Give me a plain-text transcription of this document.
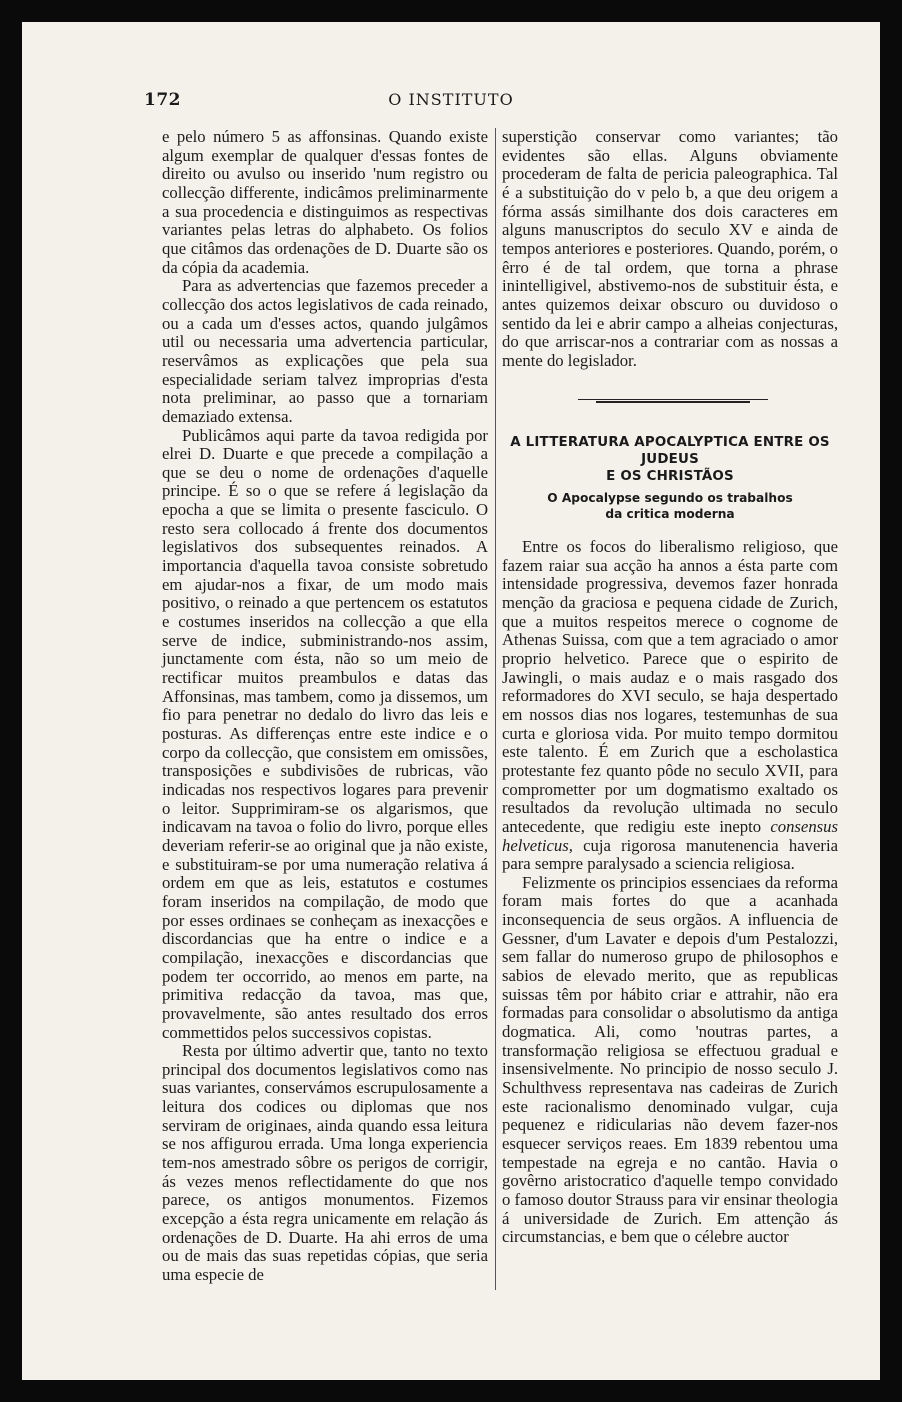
172	O INSTITUTO

e pelo número 5 as affonsinas. Quando existe algum exemplar de qualquer d'essas fontes de direito ou avulso ou inserido 'num registro ou collecção differente, indicâmos preliminarmente a sua procedencia e distinguimos as respectivas variantes pelas letras do alphabeto. Os folios que citâmos das ordenações de D. Duarte são os da cópia da academia.

Para as advertencias que fazemos preceder a collecção dos actos legislativos de cada reinado, ou a cada um d'esses actos, quando julgâmos util ou necessaria uma advertencia particular, reservâmos as explicações que pela sua especialidade seriam talvez improprias d'esta nota preliminar, ao passo que a tornariam demaziado extensa.

Publicâmos aqui parte da tavoa redigida por elrei D. Duarte e que precede a compilação a que se deu o nome de ordenações d'aquelle principe. É so o que se refere á legislação da epocha a que se limita o presente fasciculo. O resto sera collocado á frente dos documentos legislativos dos subsequentes reinados. A importancia d'aquella tavoa consiste sobretudo em ajudar-nos a fixar, de um modo mais positivo, o reinado a que pertencem os estatutos e costumes inseridos na collecção a que ella serve de indice, subministrando-nos assim, junctamente com ésta, não so um meio de rectificar muitos preambulos e datas das Affonsinas, mas tambem, como ja dissemos, um fio para penetrar no dedalo do livro das leis e posturas. As differenças entre este indice e o corpo da collecção, que consistem em omissões, transposições e subdivisões de rubricas, vão indicadas nos respectivos logares para prevenir o leitor. Supprimiram-se os algarismos, que indicavam na tavoa o folio do livro, porque elles deveriam referir-se ao original que ja não existe, e substituiram-se por uma numeração relativa á ordem em que as leis, estatutos e costumes foram inseridos na compilação, de modo que por esses ordinaes se conheçam as inexacções e discordancias que ha entre o indice e a compilação, inexacções e discordancias que podem ter occorrido, ao menos em parte, na primitiva redacção da tavoa, mas que, provavelmente, são antes resultado dos erros commettidos pelos successivos copistas.

Resta por último advertir que, tanto no texto principal dos documentos legislativos como nas suas variantes, conservámos escrupulosamente a leitura dos codices ou diplomas que nos serviram de originaes, ainda quando essa leitura se nos affigurou errada. Uma longa experiencia tem-nos amestrado sôbre os perigos de corrigir, ás vezes menos reflectidamente do que nos parece, os antigos monumentos. Fizemos excepção a ésta regra unicamente em relação ás ordenações de D. Duarte. Ha ahi erros de uma ou de mais das suas repetidas cópias, que seria uma especie de

superstição conservar como variantes; tão evidentes são ellas. Alguns obviamente procederam de falta de pericia paleographica. Tal é a substituição do v pelo b, a que deu origem a fórma assás similhante dos dois caracteres em alguns manuscriptos do seculo XV e ainda de tempos anteriores e posteriores. Quando, porém, o êrro é de tal ordem, que torna a phrase inintelligivel, abstivemo-nos de substituir ésta, e antes quizemos deixar obscuro ou duvidoso o sentido da lei e abrir campo a alheias conjecturas, do que arriscar-nos a contrariar com as nossas a mente do legislador.

A LITTERATURA APOCALYPTICA ENTRE OS JUDEUS
E OS CHRISTÃOS
O Apocalypse segundo os trabalhos
da critica moderna

Entre os focos do liberalismo religioso, que fazem raiar sua acção ha annos a ésta parte com intensidade progressiva, devemos fazer honrada menção da graciosa e pequena cidade de Zurich, que a muitos respeitos merece o cognome de Athenas Suissa, com que a tem agraciado o amor proprio helvetico. Parece que o espirito de Jawingli, o mais audaz e o mais rasgado dos reformadores do XVI seculo, se haja despertado em nossos dias nos logares, testemunhas de sua curta e gloriosa vida. Por muito tempo dormitou este talento. É em Zurich que a escholastica protestante fez quanto pôde no seculo XVII, para comprometter por um dogmatismo exaltado os resultados da revolução ultimada no seculo antecedente, que redigiu este inepto consensus helveticus, cuja rigorosa manutenencia haveria para sempre paralysado a sciencia religiosa.

Felizmente os principios essenciaes da reforma foram mais fortes do que a acanhada inconsequencia de seus orgãos. A influencia de Gessner, d'um Lavater e depois d'um Pestalozzi, sem fallar do numeroso grupo de philosophos e sabios de elevado merito, que as republicas suissas têm por hábito criar e attrahir, não era formadas para consolidar o absolutismo da antiga dogmatica. Ali, como 'noutras partes, a transformação religiosa se effectuou gradual e insensivelmente. No principio de nosso seculo J. Schulthvess representava nas cadeiras de Zurich este racionalismo denominado vulgar, cuja pequenez e ridicularias não devem fazer-nos esquecer serviços reaes. Em 1839 rebentou uma tempestade na egreja e no cantão. Havia o govêrno aristocratico d'aquelle tempo convidado o famoso doutor Strauss para vir ensinar theologia á universidade de Zurich. Em attenção ás circumstancias, e bem que o célebre auctor
